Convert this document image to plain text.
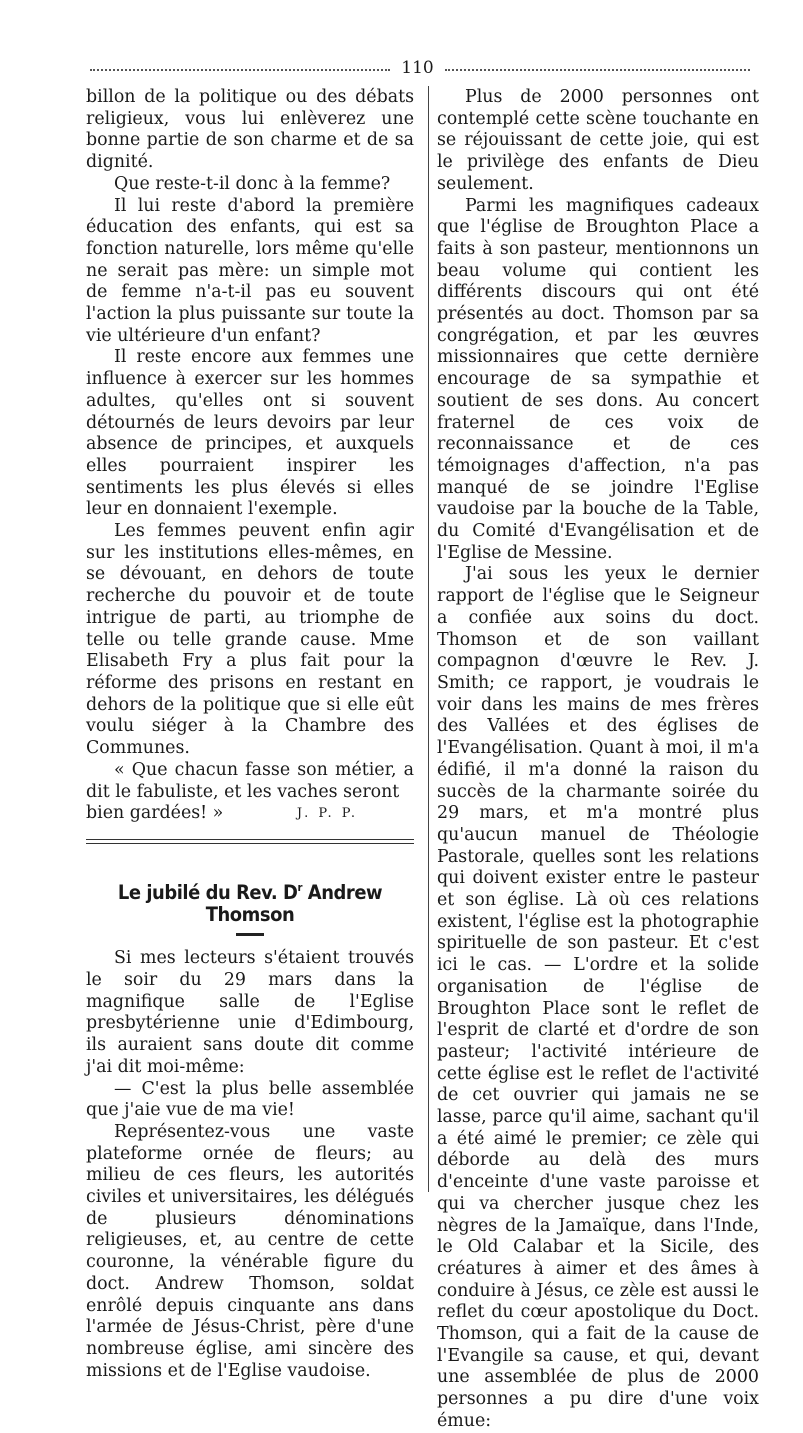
110

billon de la politique ou des débats religieux, vous lui enlèverez une bonne partie de son charme et de sa dignité.

Que reste-t-il donc à la femme?

Il lui reste d'abord la première éducation des enfants, qui est sa fonction naturelle, lors même qu'elle ne serait pas mère: un simple mot de femme n'a-t-il pas eu souvent l'action la plus puissante sur toute la vie ultérieure d'un enfant?

Il reste encore aux femmes une influence à exercer sur les hommes adultes, qu'elles ont si souvent détournés de leurs devoirs par leur absence de principes, et auxquels elles pourraient inspirer les sentiments les plus élevés si elles leur en donnaient l'exemple.

Les femmes peuvent enfin agir sur les institutions elles-mêmes, en se dévouant, en dehors de toute recherche du pouvoir et de toute intrigue de parti, au triomphe de telle ou telle grande cause. Mme Elisabeth Fry a plus fait pour la réforme des prisons en restant en dehors de la politique que si elle eût voulu siéger à la Chambre des Communes.

« Que chacun fasse son métier, a dit le fabuliste, et les vaches seront

bien gardées! »	J. P. P.
Le jubilé du Rev. $D^r$ Andrew Thomson

Si mes lecteurs s'étaient trouvés le soir du 29 mars dans la magnifique salle de l'Eglise presbytérienne unie d'Edimbourg, ils auraient sans doute dit comme j'ai dit moi-même:

— C'est la plus belle assemblée que j'aie vue de ma vie!

Représentez-vous une vaste plateforme ornée de fleurs; au milieu de ces fleurs, les autorités civiles et universitaires, les délégués de plusieurs dénominations religieuses, et, au centre de cette couronne, la vénérable figure du doct. Andrew Thomson, soldat enrôlé depuis cinquante ans dans l'armée de Jésus-Christ, père d'une nombreuse église, ami sincère des missions et de l'Eglise vaudoise.

Plus de 2000 personnes ont contemplé cette scène touchante en se réjouissant de cette joie, qui est le privilège des enfants de Dieu seulement.

Parmi les magnifiques cadeaux que l'église de Broughton Place a faits à son pasteur, mentionnons un beau volume qui contient les différents discours qui ont été présentés au doct. Thomson par sa congrégation, et par les œuvres missionnaires que cette dernière encourage de sa sympathie et soutient de ses dons. Au concert fraternel de ces voix de reconnaissance et de ces témoignages d'affection, n'a pas manqué de se joindre l'Eglise vaudoise par la bouche de la Table, du Comité d'Evangélisation et de l'Eglise de Messine.

J'ai sous les yeux le dernier rapport de l'église que le Seigneur a confiée aux soins du doct. Thomson et de son vaillant compagnon d'œuvre le Rev. J. Smith; ce rapport, je voudrais le voir dans les mains de mes frères des Vallées et des églises de l'Evangélisation. Quant à moi, il m'a édifié, il m'a donné la raison du succès de la charmante soirée du 29 mars, et m'a montré plus qu'aucun manuel de Théologie Pastorale, quelles sont les relations qui doivent exister entre le pasteur et son église. Là où ces relations existent, l'église est la photographie spirituelle de son pasteur. Et c'est ici le cas. — L'ordre et la solide organisation de l'église de Broughton Place sont le reflet de l'esprit de clarté et d'ordre de son pasteur; l'activité intérieure de cette église est le reflet de l'activité de cet ouvrier qui jamais ne se lasse, parce qu'il aime, sachant qu'il a été aimé le premier; ce zèle qui déborde au delà des murs d'enceinte d'une vaste paroisse et qui va chercher jusque chez les nègres de la Jamaïque, dans l'Inde, le Old Calabar et la Sicile, des créatures à aimer et des âmes à conduire à Jésus, ce zèle est aussi le reflet du cœur apostolique du Doct. Thomson, qui a fait de la cause de l'Evangile sa cause, et qui, devant une assemblée de plus de 2000 personnes a pu dire d'une voix émue:
